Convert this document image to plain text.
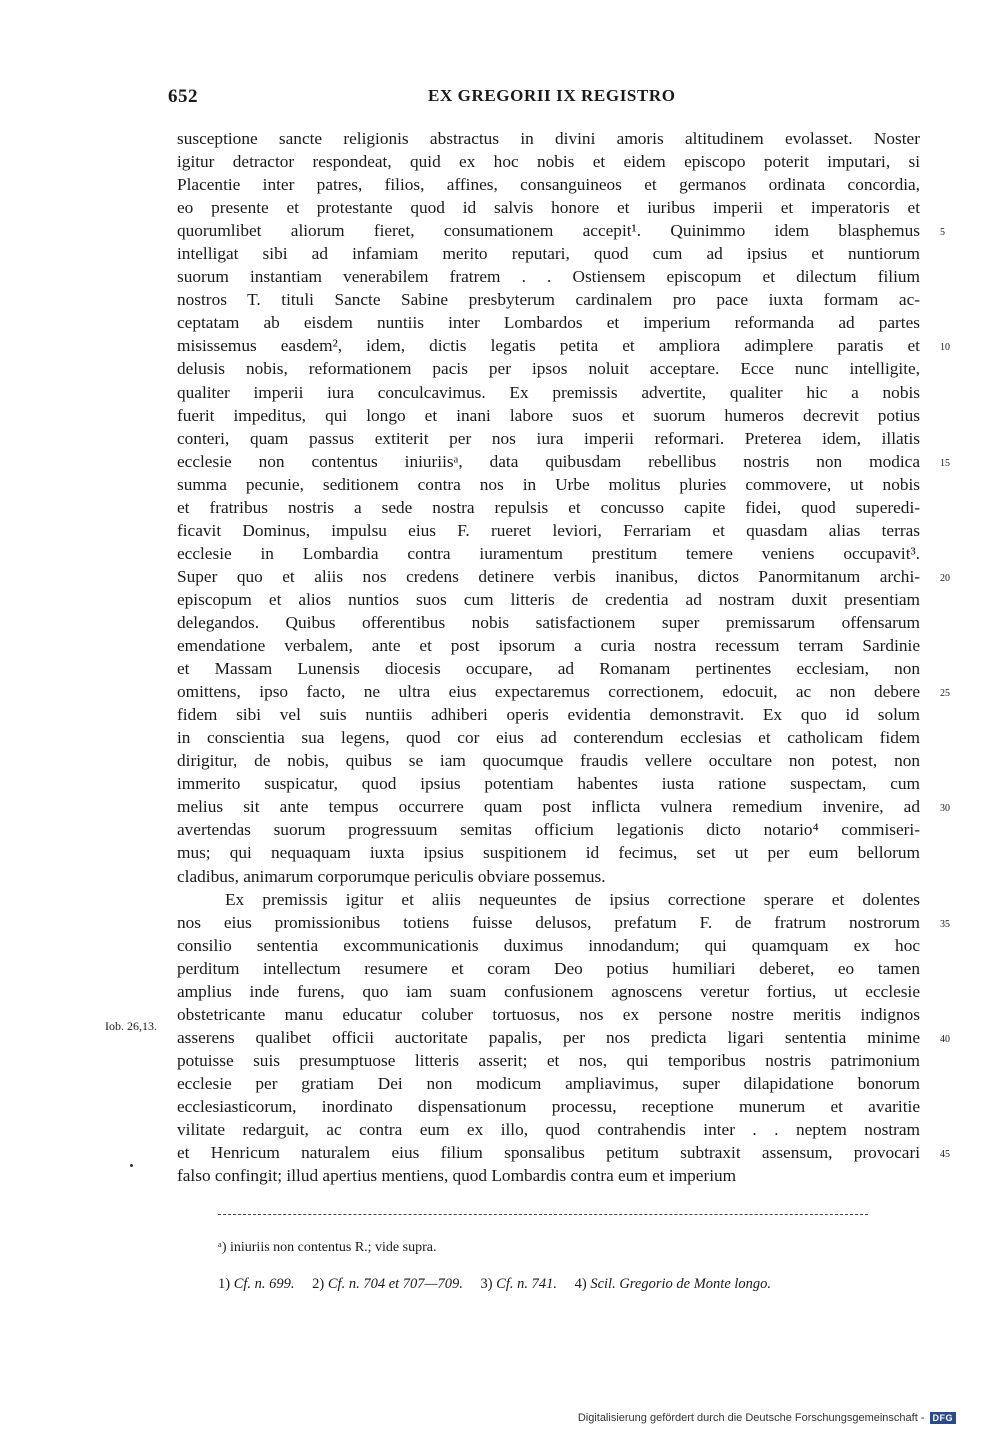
652	EX GREGORII IX REGISTRO
susceptione sancte religionis abstractus in divini amoris altitudinem evolasset. Noster
igitur detractor respondeat, quid ex hoc nobis et eidem episcopo poterit imputari, si
Placentie inter patres, filios, affines, consanguineos et germanos ordinata concordia,
eo presente et protestante quod id salvis honore et iuribus imperii et imperatoris et
quorumlibet aliorum fieret, consumationem accepit¹. Quinimmo idem blasphemus
intelligat sibi ad infamiam merito reputari, quod cum ad ipsius et nuntiorum
suorum instantiam venerabilem fratrem . . Ostiensem episcopum et dilectum filium
nostros T. tituli Sancte Sabine presbyterum cardinalem pro pace iuxta formam ac-
ceptatam ab eisdem nuntiis inter Lombardos et imperium reformanda ad partes
misissemus easdem², idem, dictis legatis petita et ampliora adimplere paratis et
delusis nobis, reformationem pacis per ipsos noluit acceptare. Ecce nunc intelligite,
qualiter imperii iura conculcavimus. Ex premissis advertite, qualiter hic a nobis
fuerit impeditus, qui longo et inani labore suos et suorum humeros decrevit potius
conteri, quam passus extiterit per nos iura imperii reformari. Preterea idem, illatis
ecclesie non contentus iniuriisᵃ, data quibusdam rebellibus nostris non modica
summa pecunie, seditionem contra nos in Urbe molitus pluries commovere, ut nobis
et fratribus nostris a sede nostra repulsis et concusso capite fidei, quod superedi-
ficavit Dominus, impulsu eius F. rueret leviori, Ferrariam et quasdam alias terras
ecclesie in Lombardia contra iuramentum prestitum temere veniens occupavit³.
Super quo et aliis nos credens detinere verbis inanibus, dictos Panormitanum archi-
episcopum et alios nuntios suos cum litteris de credentia ad nostram duxit presentiam
delegandos. Quibus offerentibus nobis satisfactionem super premissarum offensarum
emendatione verbalem, ante et post ipsorum a curia nostra recessum terram Sardinie
et Massam Lunensis diocesis occupare, ad Romanam pertinentes ecclesiam, non
omittens, ipso facto, ne ultra eius expectaremus correctionem, edocuit, ac non debere
fidem sibi vel suis nuntiis adhiberi operis evidentia demonstravit. Ex quo id solum
in conscientia sua legens, quod cor eius ad conterendum ecclesias et catholicam fidem
dirigitur, de nobis, quibus se iam quocumque fraudis vellere occultare non potest, non
immerito suspicatur, quod ipsius potentiam habentes iusta ratione suspectam, cum
melius sit ante tempus occurrere quam post inflicta vulnera remedium invenire, ad
avertendas suorum progressuum semitas officium legationis dicto notario⁴ commiseri-
mus; qui nequaquam iuxta ipsius suspitionem id fecimus, set ut per eum bellorum
cladibus, animarum corporumque periculis obviare possemus.
Ex premissis igitur et aliis nequeuntes de ipsius correctione sperare et dolentes
nos eius promissionibus totiens fuisse delusos, prefatum F. de fratrum nostrorum
consilio sententia excommunicationis duximus innodandum; qui quamquam ex hoc
perditum intellectum resumere et coram Deo potius humiliari deberet, eo tamen
amplius inde furens, quo iam suam confusionem agnoscens veretur fortius, ut ecclesie
obstetricante manu educatur coluber tortuosus, nos ex persone nostre meritis indignos
asserens qualibet officii auctoritate papalis, per nos predicta ligari sententia minime
potuisse suis presumptuose litteris asserit; et nos, qui temporibus nostris patrimonium
ecclesie per gratiam Dei non modicum ampliavimus, super dilapidatione bonorum
ecclesiasticorum, inordinato dispensationum processu, receptione munerum et avaritie
vilitate redarguit, ac contra eum ex illo, quod contrahendis inter . . neptem nostram
et Henricum naturalem eius filium sponsalibus petitum subtraxit assensum, provocari
falso confingit; illud apertius mentiens, quod Lombardis contra eum et imperium
5
10
15
20
25
30
35
40
45
Iob. 26,13.
ᵃ) iniuriis non contentus R.; vide supra.
1) Cf. n. 699. 2) Cf. n. 704 et 707—709. 3) Cf. n. 741. 4) Scil. Gregorio de Monte longo.
Digitalisierung gefördert durch die Deutsche Forschungsgemeinschaft - DFG
